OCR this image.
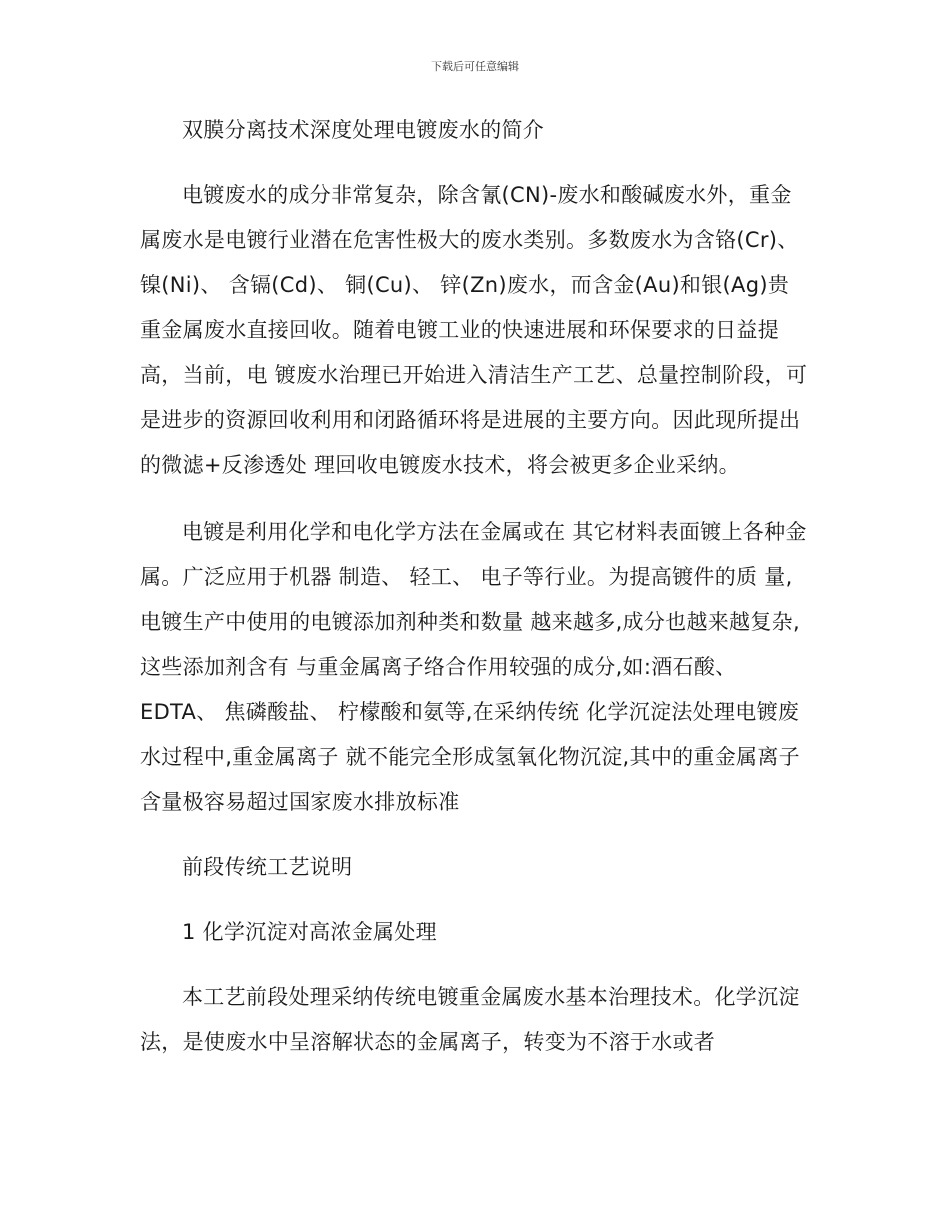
下载后可任意编辑

双膜分离技术深度处理电镀废水的简介

电镀废水的成分非常复杂，除含氰(CN)-废水和酸碱废水外，重金属废水是电镀行业潜在危害性极大的废水类别。多数废水为含铬(Cr)、 镍(Ni)、 含镉(Cd)、 铜(Cu)、 锌(Zn)废水，而含金(Au)和银(Ag)贵重金属废水直接回收。随着电镀工业的快速进展和环保要求的日益提高，当前，电 镀废水治理已开始进入清洁生产工艺、总量控制阶段，可是进步的资源回收利用和闭路循环将是进展的主要方向。因此现所提出的微滤+反渗透处 理回收电镀废水技术，将会被更多企业采纳。

电镀是利用化学和电化学方法在金属或在 其它材料表面镀上各种金属。广泛应用于机器 制造、 轻工、 电子等行业。为提高镀件的质 量,电镀生产中使用的电镀添加剂种类和数量 越来越多,成分也越来越复杂,这些添加剂含有 与重金属离子络合作用较强的成分,如:酒石酸、 EDTA、 焦磷酸盐、 柠檬酸和氨等,在采纳传统 化学沉淀法处理电镀废水过程中,重金属离子 就不能完全形成氢氧化物沉淀,其中的重金属离子含量极容易超过国家废水排放标准

前段传统工艺说明

1 化学沉淀对高浓金属处理

本工艺前段处理采纳传统电镀重金属废水基本治理技术。化学沉淀法，是使废水中呈溶解状态的金属离子，转变为不溶于水或者
